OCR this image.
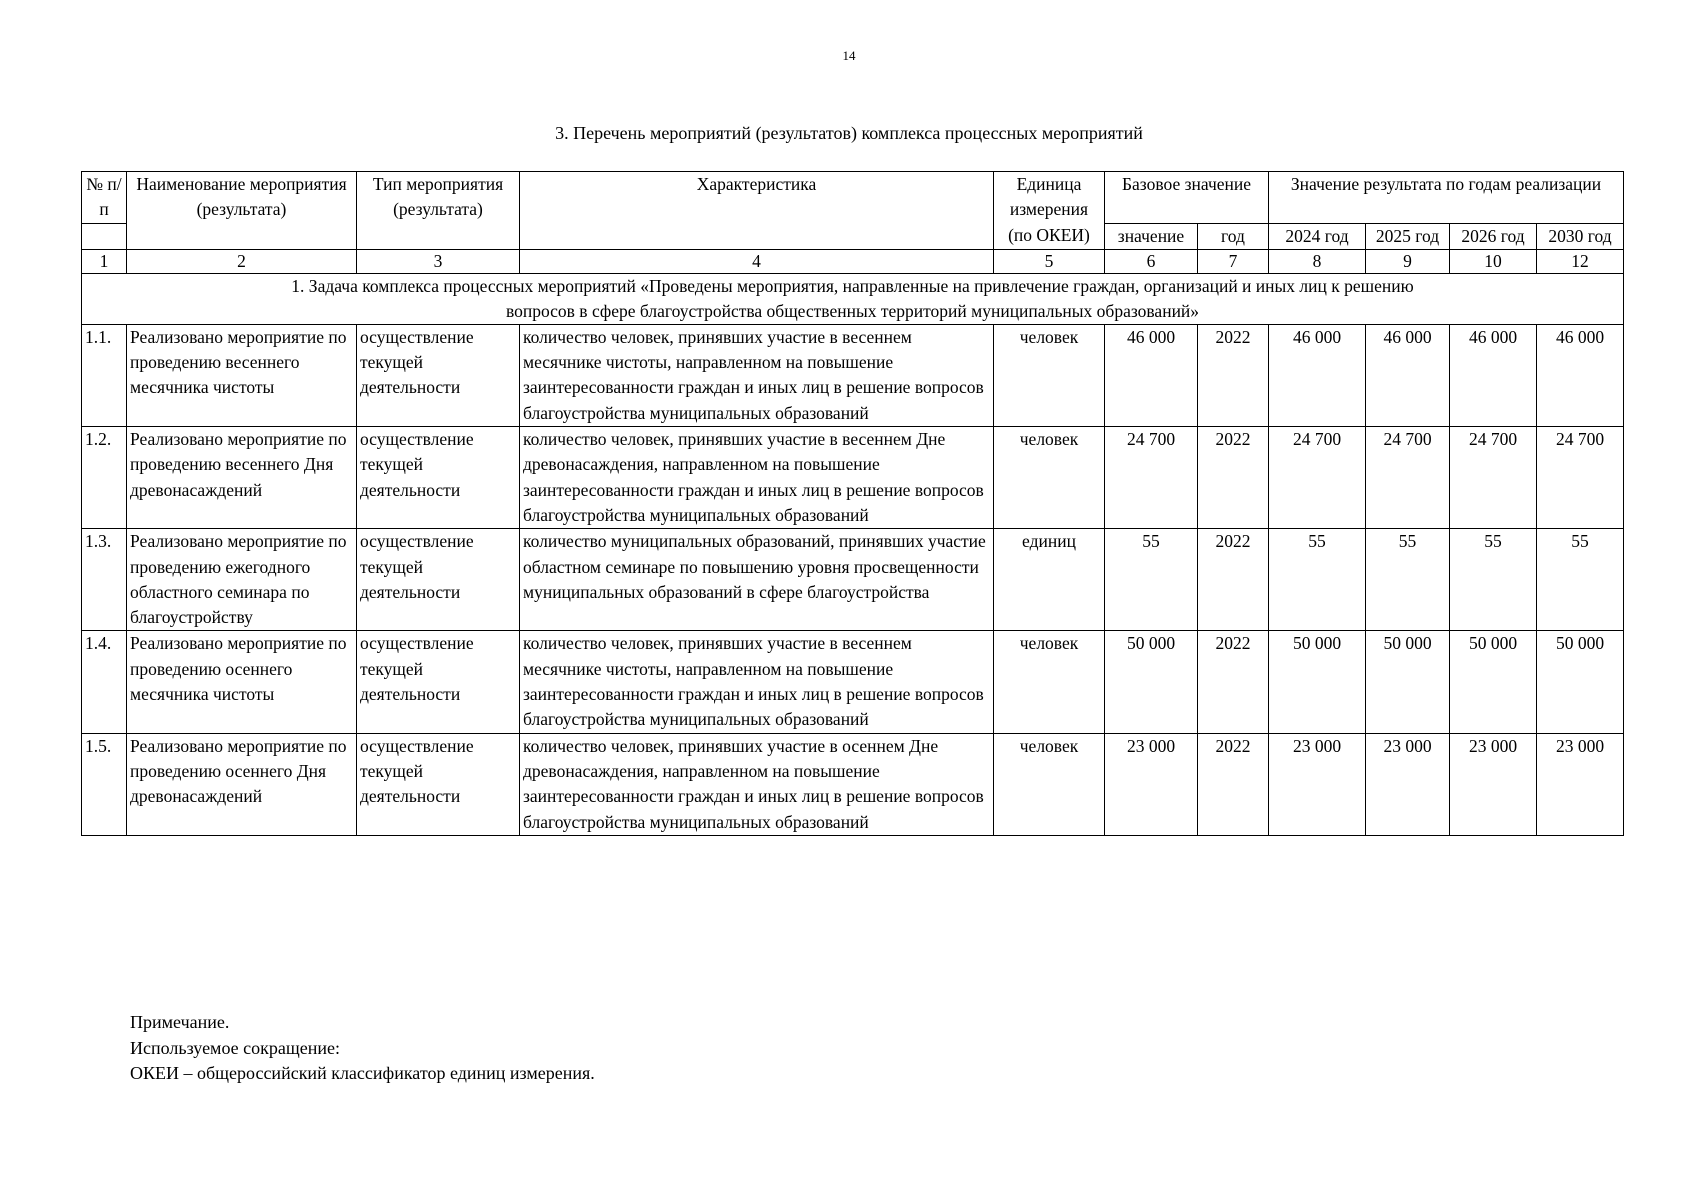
14
3. Перечень мероприятий (результатов) комплекса процессных мероприятий
№ п/п	Наименование мероприятия (результата)	Тип мероприятия (результата)	Характеристика	Единица измерения (по ОКЕИ)	Базовое значение		Значение результата по годам реализации			

					значение	год	2024 год	2025 год	2026 год	2030 год
1	2	3	4	5	6	7	8	9	10	12

1. Задача комплекса процессных мероприятий «Проведены мероприятия, направленные на привлечение граждан, организаций и иных лиц к решению вопросов в сфере благоустройства общественных территорий муниципальных образований»										

1.1.	Реализовано мероприятие по проведению весеннего месячника чистоты	осуществление текущей деятельности	количество человек, принявших участие в весеннем месячнике чистоты, направленном на повышение заинтересованности граждан и иных лиц в решение вопросов благоустройства муниципальных образований	человек	46 000	2022	46 000	46 000	46 000	46 000
1.2.	Реализовано мероприятие по проведению весеннего Дня древонасаждений	осуществление текущей деятельности	количество человек, принявших участие в весеннем Дне древонасаждения, направленном на повышение заинтересованности граждан и иных лиц в решение вопросов благоустройства муниципальных образований	человек	24 700	2022	24 700	24 700	24 700	24 700
1.3.	Реализовано мероприятие по проведению ежегодного областного семинара по благоустройству	осуществление текущей деятельности	количество муниципальных образований, принявших участие областном семинаре по повышению уровня просвещенности муниципальных образований в сфере благоустройства	единиц	55	2022	55	55	55	55
1.4.	Реализовано мероприятие по проведению осеннего месячника чистоты	осуществление текущей деятельности	количество человек, принявших участие в весеннем месячнике чистоты, направленном на повышение заинтересованности граждан и иных лиц в решение вопросов благоустройства муниципальных образований	человек	50 000	2022	50 000	50 000	50 000	50 000
1.5.	Реализовано мероприятие по проведению осеннего Дня древонасаждений	осуществление текущей деятельности	количество человек, принявших участие в осеннем Дне древонасаждения, направленном на повышение заинтересованности граждан и иных лиц в решение вопросов благоустройства муниципальных образований	человек	23 000	2022	23 000	23 000	23 000	23 000
Примечание.
Используемое сокращение:
ОКЕИ – общероссийский классификатор единиц измерения.
